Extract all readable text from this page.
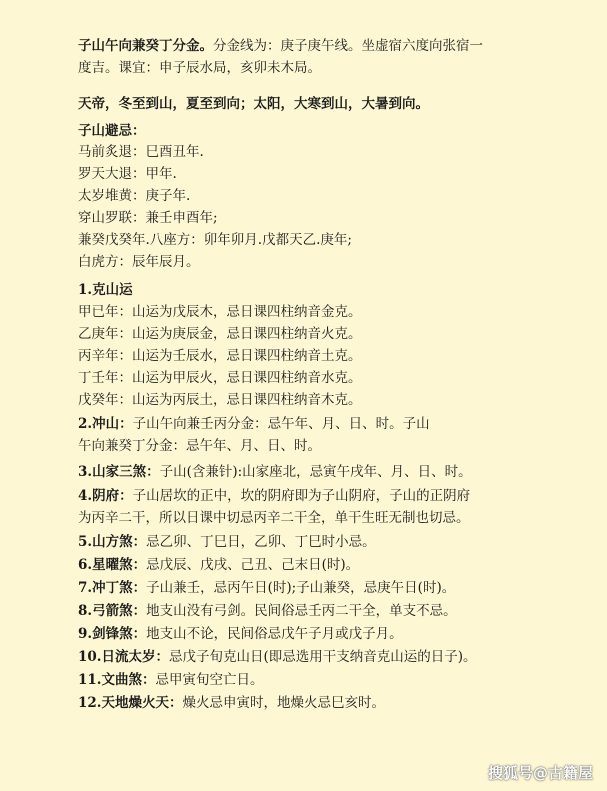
子山午向兼癸丁分金。分金线为：庚子庚午线。坐虚宿六度向张宿一
度吉。课宜：申子辰水局，亥卯未木局。
天帝，冬至到山，夏至到向；太阳，大寒到山，大暑到向。
子山避忌：
马前炙退：巳酉丑年.
罗天大退：甲年.
太岁堆黄：庚子年.
穿山罗联：兼壬申酉年;
兼癸戊癸年.八座方：卯年卯月.戊都天乙.庚年;
白虎方：辰年辰月。
1.克山运
甲已年：山运为戊辰木，忌日课四柱纳音金克。
乙庚年：山运为庚辰金，忌日课四柱纳音火克。
丙辛年：山运为壬辰水，忌日课四柱纳音土克。
丁壬年：山运为甲辰火，忌日课四柱纳音水克。
戊癸年：山运为丙辰土，忌日课四柱纳音木克。
2.冲山：子山午向兼壬丙分金：忌午年、月、日、时。子山
午向兼癸丁分金：忌午年、月、日、时。
3.山家三煞：子山(含兼针):山家座北，忌寅午戌年、月、日、时。
4.阴府：子山居坎的正中，坎的阴府即为子山阴府，子山的正阴府
为丙辛二干，所以日课中切忌丙辛二干全，单干生旺无制也切忌。
5.山方煞：忌乙卯、丁巳日，乙卯、丁巳时小忌。
6.星曜煞：忌戊辰、戊戌、己丑、己末日(时)。
7.冲丁煞：子山兼壬，忌丙午日(时);子山兼癸，忌庚午日(时)。
8.弓箭煞：地支山没有弓剑。民间俗忌壬丙二干全，单支不忌。
9.剑锋煞：地支山不论，民间俗忌戊午子月或戊子月。
10.日流太岁：忌戊子旬克山日(即忌选用干支纳音克山运的日子)。
11.文曲煞：忌甲寅旬空亡日。
12.天地燥火天：燥火忌申寅时，地燥火忌巳亥时。
搜狐号@古籍屋
